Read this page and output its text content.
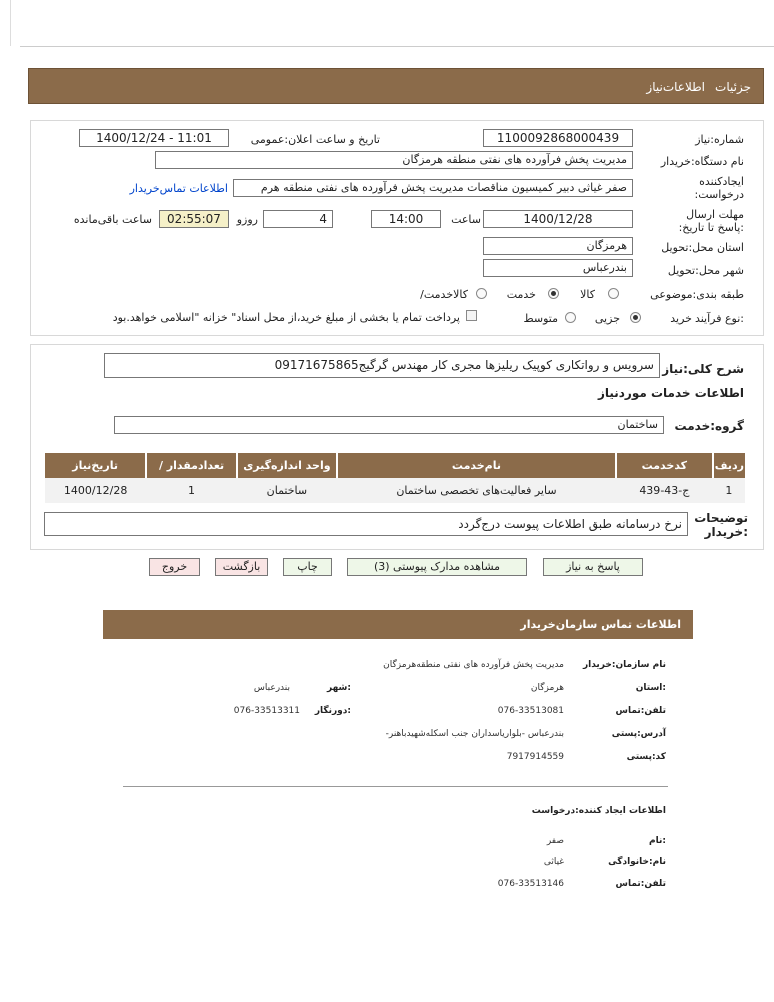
جزئیات
اطلاعات‌نیاز
شماره:نیاز
1100092868000439
تاریخ و ساعت اعلان:عمومی
1400/12/24 - 11:01
نام دستگاه:خریدار
مدیریت پخش فرآورده های نفتی منطقه هرمزگان
ایجادکننده درخواست:
صفر غیاثی دبیر کمیسیون مناقصات مدیریت پخش فرآورده های نفتی منطقه هرم
اطلاعات تماس‌خریدار
مهلت ارسال :پاسخ تا تاریخ:
1400/12/28
ساعت
14:00
4
روزو
02:55:07
ساعت باقی‌مانده
استان محل:تحویل
هرمزگان
شهر محل:تحویل
بندرعباس
طبقه بندی:موضوعی
کالا
خدمت
/کالاخدمت
نوع فرآیند:
خرید
جزیی
متوسط
پرداخت تمام یا بخشی از مبلغ خرید،از محل اسناد" خزانه "اسلامی خواهد.بود
شرح کلی:نیاز
سرویس و رواتکاری کوپیک ریلیزها مجری کار مهندس گرگیج09171675865
اطلاعات خدمات موردنیاز
گروه:خدمت
ساختمان
تاریخ‌نیاز	/ تعدادمقدار	واحد اندازه‌گیری	نام‌خدمت	کدخدمت	ردیف
1400/12/28	1	ساختمان	سایر فعالیت‌های تخصصی ساختمان	ج-43-439	1
توضیحات :خریدار
نرخ درسامانه طبق اطلاعات پیوست درج‌گردد
پاسخ به نیاز
مشاهده مدارک پیوستی (3)
چاپ
بازگشت
خروج
اطلاعات تماس سازمان‌خریدار
نام سازمان:خریدار
مدیریت پخش فرآورده های نفتی منطقه‌هرمزگان
استان:
هرمزگان
شهر:
بندرعباس
تلفن:تماس
076-33513081
دورنگار:
076-33513311
آدرس:پستی
-بندرعباس -بلواریاسداران جنب اسکله‌شهیدباهنر
کد:پستی
7917914559
اطلاعات ایجاد کننده:درخواست
نام:
صفر
نام:خانوادگی
غیاثی
تلفن:تماس
076-33513146
